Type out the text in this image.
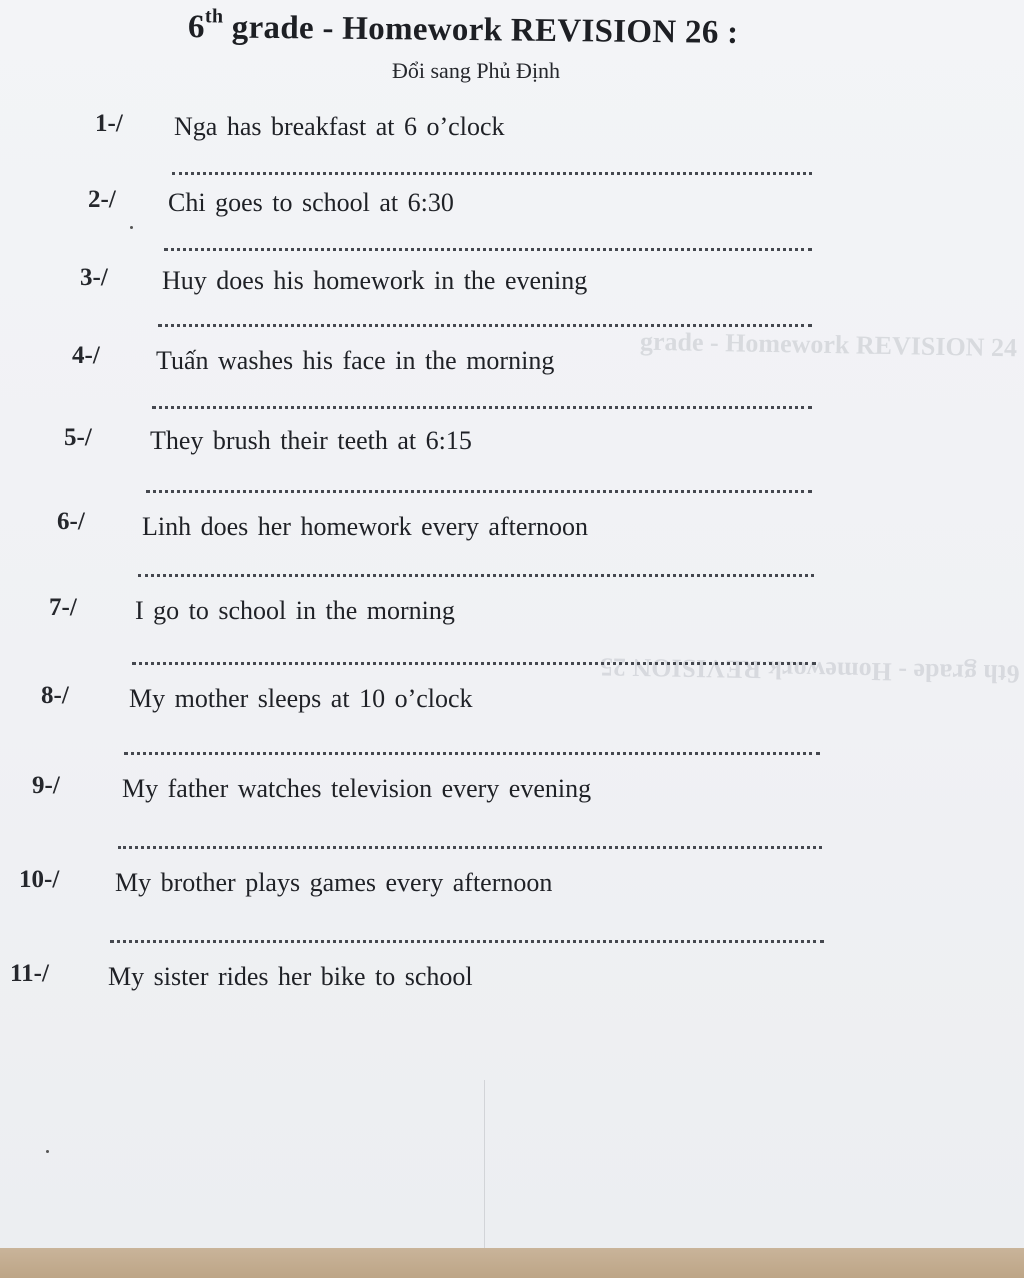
grade - Homework REVISION 24
6th grade - Homework REVISION 25
6th grade - Homework REVISION 26 :
Đổi sang Phủ Định
1-/ Nga has breakfast at 6 o’clock
2-/ Chi goes to school at 6:30
3-/ Huy does his homework in the evening
4-/ Tuấn washes his face in the morning
5-/ They brush their teeth at 6:15
6-/ Linh does her homework every afternoon
7-/ I go to school in the morning
8-/ My mother sleeps at 10 o’clock
9-/ My father watches television every evening
10-/ My brother plays games every afternoon
11-/ My sister rides her bike to school
